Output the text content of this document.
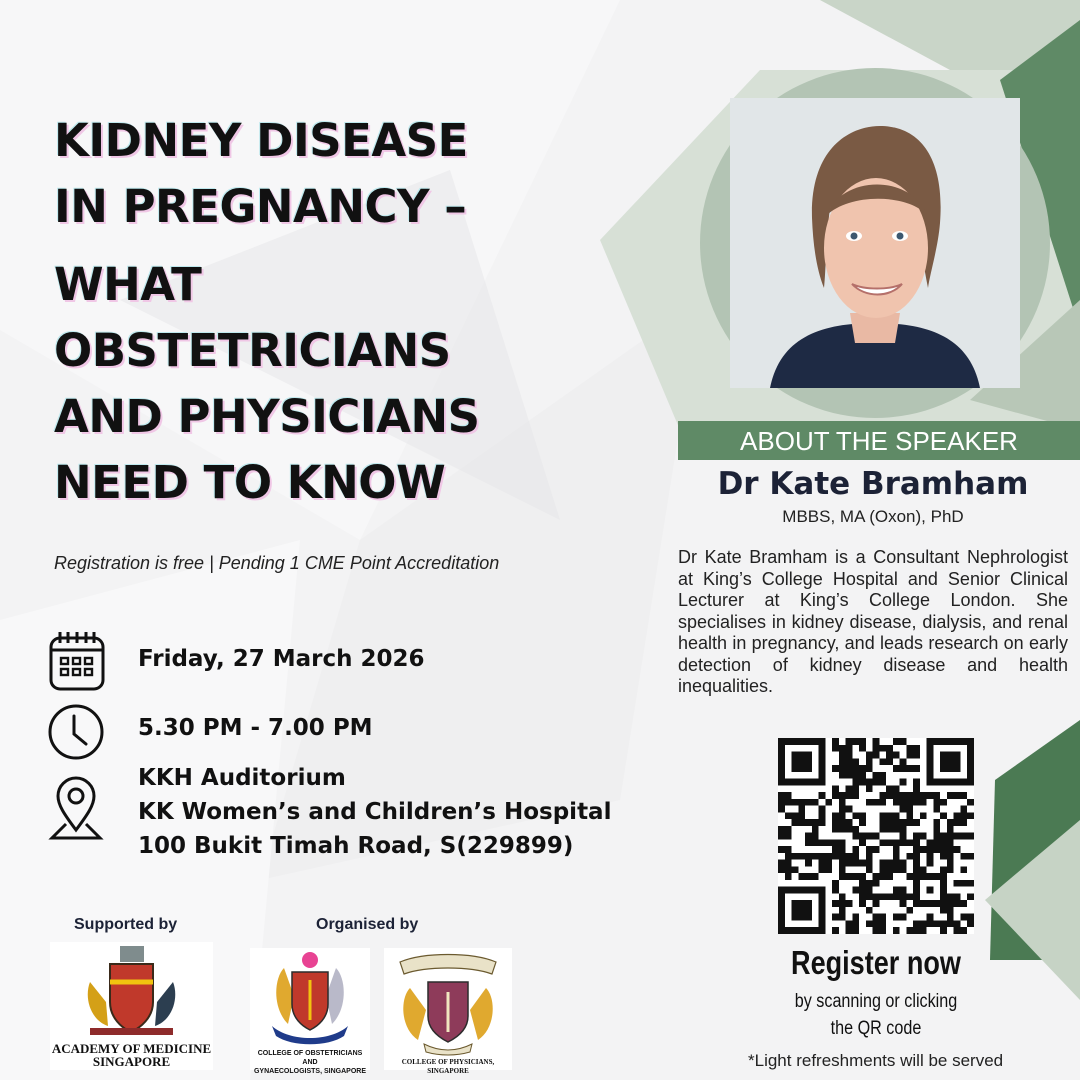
KIDNEY DISEASE
IN PREGNANCY –
WHAT
OBSTETRICIANS
AND PHYSICIANS
NEED TO KNOW
Registration is free | Pending 1 CME Point Accreditation
Friday, 27 March 2026
5.30 PM - 7.00 PM
KKH Auditorium
KK Women’s and Children’s Hospital
100 Bukit Timah Road, S(229899)
ABOUT THE SPEAKER
Dr Kate Bramham
MBBS, MA (Oxon), PhD
Dr Kate Bramham is a Consultant Nephrologist at King’s College Hospital and Senior Clinical Lecturer at King’s College London. She specialises in kidney disease, dialysis, and renal health in pregnancy, and leads research on early detection of kidney disease and health inequalities.
Register now
by scanning or clicking
the QR code
*Light refreshments will be served
Supported by	Organised by
ACADEMY OF MEDICINE
SINGAPORE
COLLEGE OF OBSTETRICIANS AND
GYNAECOLOGISTS, SINGAPORE
COLLEGE OF PHYSICIANS, SINGAPORE
